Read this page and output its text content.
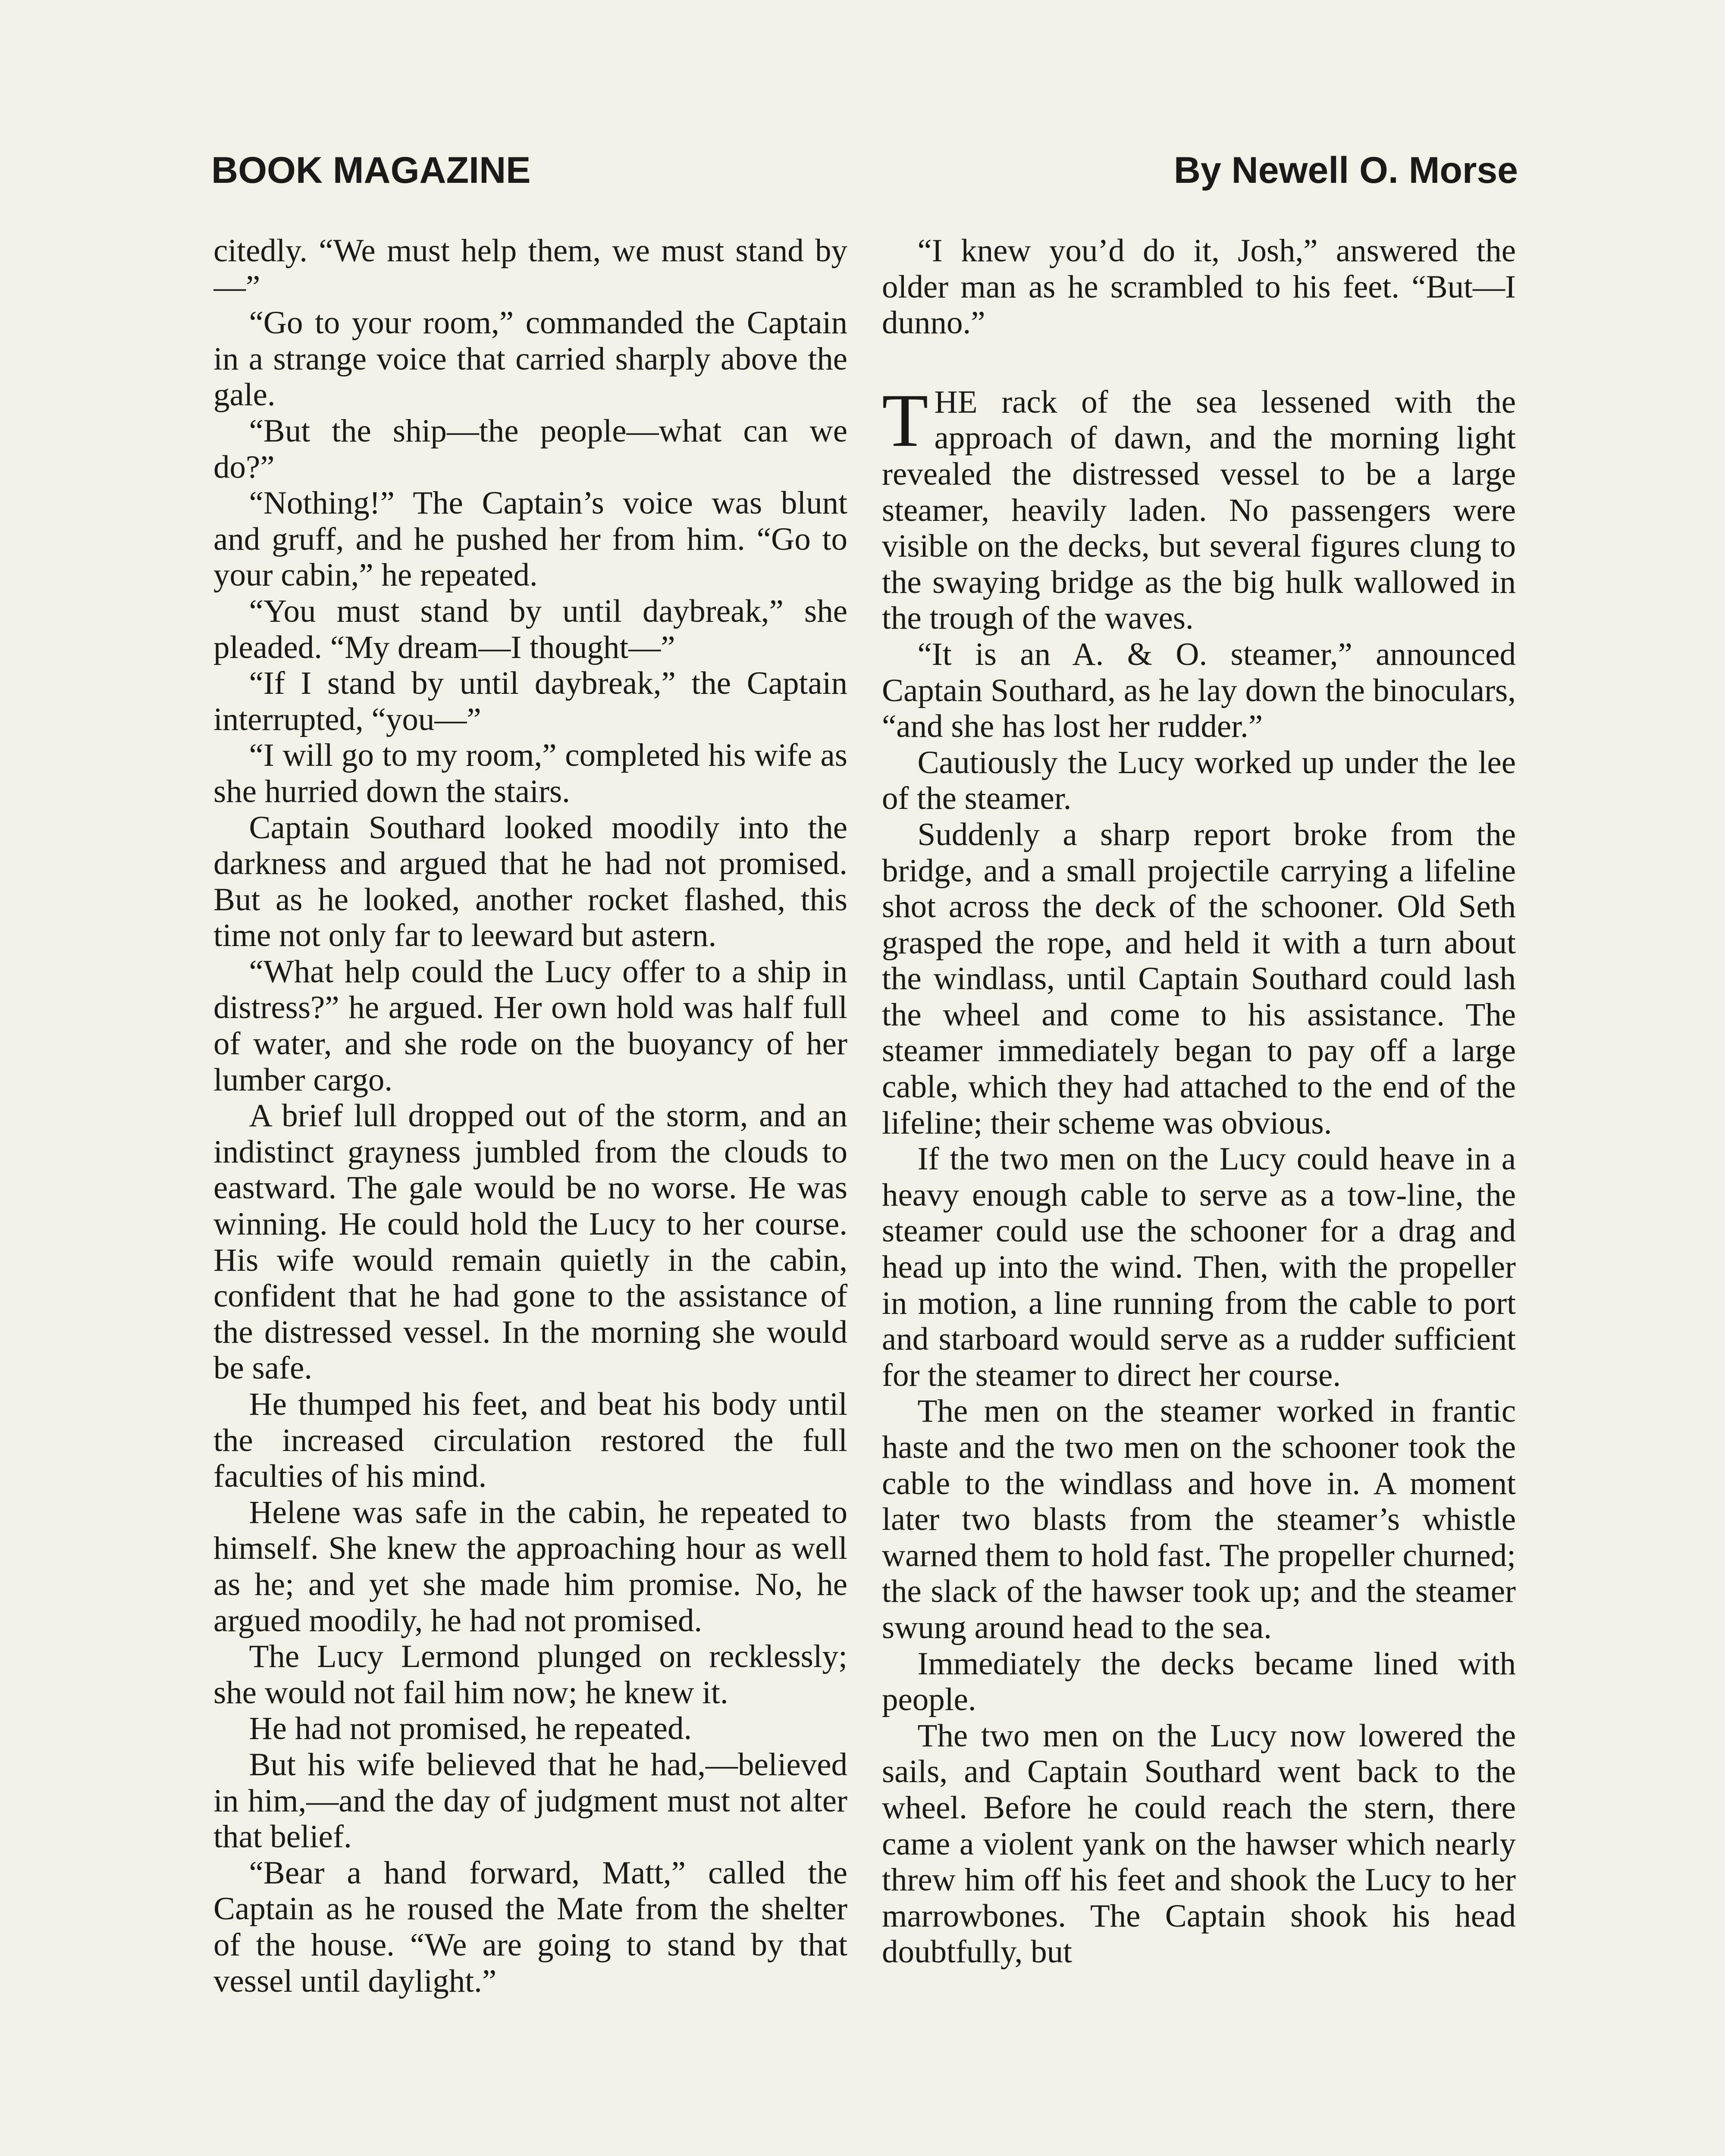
BOOK MAGAZINE	By Newell O. Morse

citedly. “We must help them, we must stand by—”

“Go to your room,” commanded the Captain in a strange voice that carried sharply above the gale.

“But the ship—the people—what can we do?”

“Nothing!” The Captain’s voice was blunt and gruff, and he pushed her from him. “Go to your cabin,” he repeated.

“You must stand by until daybreak,” she pleaded. “My dream—I thought—”

“If I stand by until daybreak,” the Captain interrupted, “you—”

“I will go to my room,” completed his wife as she hurried down the stairs.

Captain Southard looked moodily into the darkness and argued that he had not promised. But as he looked, another rocket flashed, this time not only far to leeward but astern.

“What help could the Lucy offer to a ship in distress?” he argued. Her own hold was half full of water, and she rode on the buoyancy of her lumber cargo.

A brief lull dropped out of the storm, and an indistinct grayness jumbled from the clouds to eastward. The gale would be no worse. He was winning. He could hold the Lucy to her course. His wife would remain quietly in the cabin, confident that he had gone to the assistance of the distressed vessel. In the morning she would be safe.

He thumped his feet, and beat his body until the increased circulation restored the full faculties of his mind.

Helene was safe in the cabin, he repeated to himself. She knew the approaching hour as well as he; and yet she made him promise. No, he argued moodily, he had not promised.

The Lucy Lermond plunged on recklessly; she would not fail him now; he knew it.

He had not promised, he repeated.

But his wife believed that he had,—believed in him,—and the day of judgment must not alter that belief.

“Bear a hand forward, Matt,” called the Captain as he roused the Mate from the shelter of the house. “We are going to stand by that vessel until daylight.”

“I knew you’d do it, Josh,” answered the older man as he scrambled to his feet. “But—I dunno.”

THE rack of the sea lessened with the approach of dawn, and the morning light revealed the distressed vessel to be a large steamer, heavily laden. No passengers were visible on the decks, but several figures clung to the swaying bridge as the big hulk wallowed in the trough of the waves.

“It is an A. & O. steamer,” announced Captain Southard, as he lay down the binoculars, “and she has lost her rudder.”

Cautiously the Lucy worked up under the lee of the steamer.

Suddenly a sharp report broke from the bridge, and a small projectile carrying a lifeline shot across the deck of the schooner. Old Seth grasped the rope, and held it with a turn about the windlass, until Captain Southard could lash the wheel and come to his assistance. The steamer immediately began to pay off a large cable, which they had attached to the end of the lifeline; their scheme was obvious.

If the two men on the Lucy could heave in a heavy enough cable to serve as a tow-line, the steamer could use the schooner for a drag and head up into the wind. Then, with the propeller in motion, a line running from the cable to port and starboard would serve as a rudder sufficient for the steamer to direct her course.

The men on the steamer worked in frantic haste and the two men on the schooner took the cable to the windlass and hove in. A moment later two blasts from the steamer’s whistle warned them to hold fast. The propeller churned; the slack of the hawser took up; and the steamer swung around head to the sea.

Immediately the decks became lined with people.

The two men on the Lucy now lowered the sails, and Captain Southard went back to the wheel. Before he could reach the stern, there came a violent yank on the hawser which nearly threw him off his feet and shook the Lucy to her marrowbones. The Captain shook his head doubtfully, but
